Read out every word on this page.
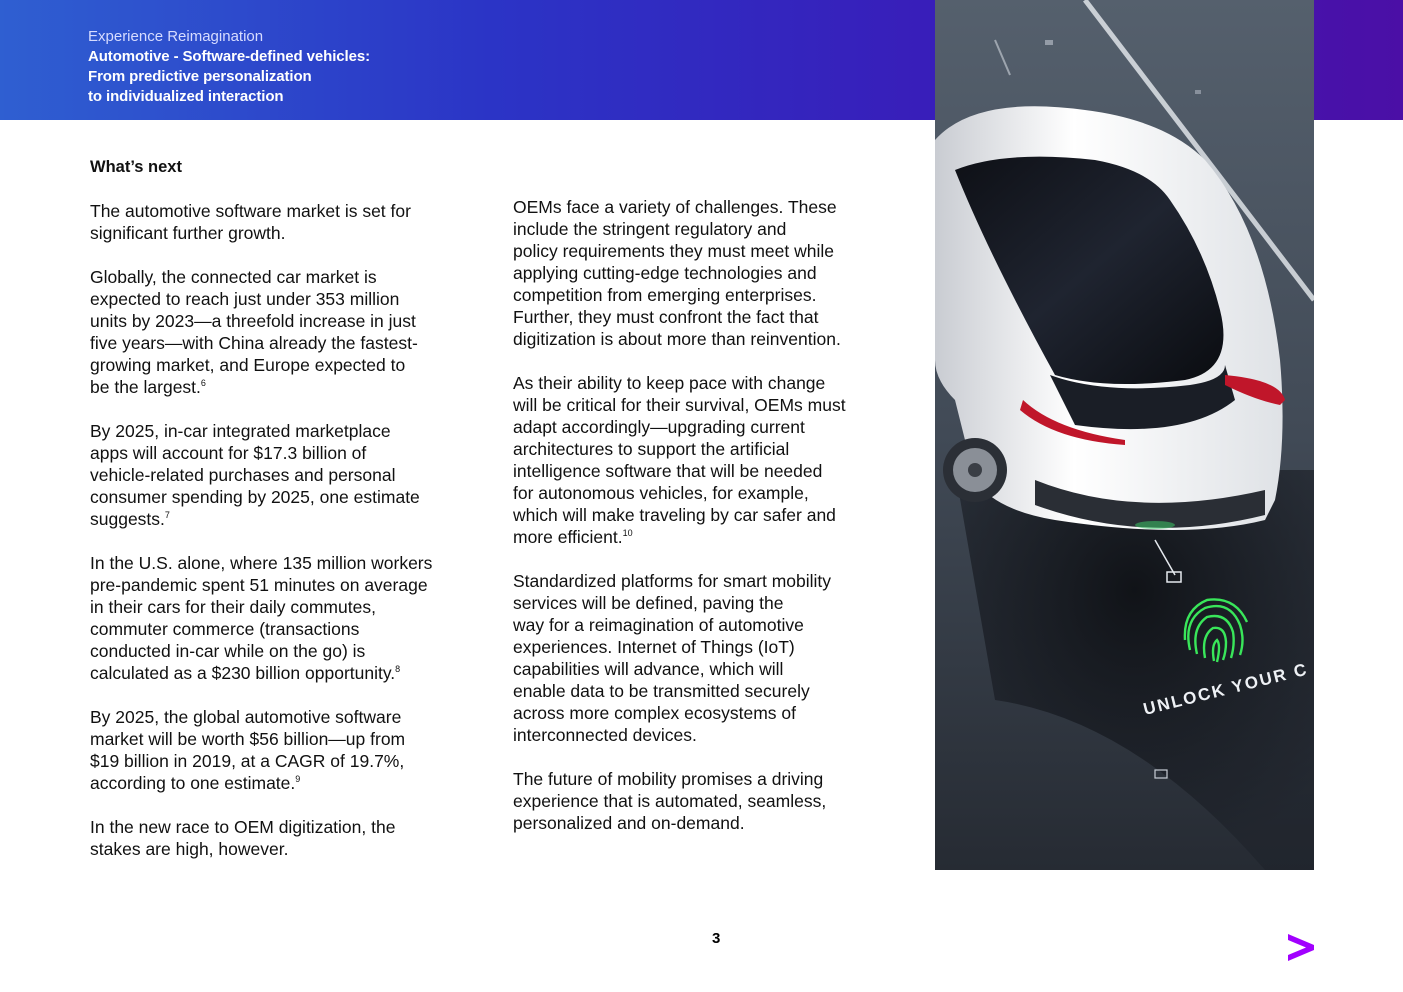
Experience Reimagination
Automotive - Software-defined vehicles:
From predictive personalization
to individualized interaction
What’s next
The automotive software market is set for
significant further growth.
Globally, the connected car market is
expected to reach just under 353 million
units by 2023—a threefold increase in just
five years—with China already the fastest-
growing market, and Europe expected to
be the largest.$^6$
By 2025, in-car integrated marketplace
apps will account for $17.3 billion of
vehicle-related purchases and personal
consumer spending by 2025, one estimate
suggests.$^7$
In the U.S. alone, where 135 million workers
pre-pandemic spent 51 minutes on average
in their cars for their daily commutes,
commuter commerce (transactions
conducted in-car while on the go) is
calculated as a $230 billion opportunity.$^8$
By 2025, the global automotive software
market will be worth $56 billion—up from
$19 billion in 2019, at a CAGR of 19.7%,
according to one estimate.$^9$
In the new race to OEM digitization, the
stakes are high, however.
OEMs face a variety of challenges. These
include the stringent regulatory and
policy requirements they must meet while
applying cutting-edge technologies and
competition from emerging enterprises.
Further, they must confront the fact that
digitization is about more than reinvention.
As their ability to keep pace with change
will be critical for their survival, OEMs must
adapt accordingly—upgrading current
architectures to support the artificial
intelligence software that will be needed
for autonomous vehicles, for example,
which will make traveling by car safer and
more efficient.$^{10}$
Standardized platforms for smart mobility
services will be defined, paving the
way for a reimagination of automotive
experiences. Internet of Things (IoT)
capabilities will advance, which will
enable data to be transmitted securely
across more complex ecosystems of
interconnected devices.
The future of mobility promises a driving
experience that is automated, seamless,
personalized and on-demand.
UNLOCK YOUR C
3
